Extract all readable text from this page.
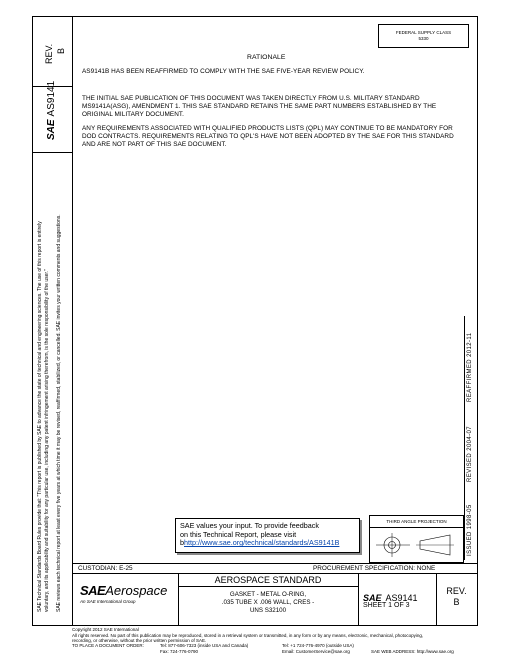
REV. B
SAEAS9141
SAE Technical Standards Board Rules provide that: "This report is published by SAE to advance the state of technical and engineering sciences. The use of this report is entirely voluntary, and its applicability and suitability for any particular use, including any patent infringement arising therefrom, is the sole responsibility of the user." SAE reviews each technical report at least every five years at which time it may be revised, reaffirmed, stabilized, or cancelled. SAE invites your written comments and suggestions.
FEDERAL SUPPLY CLASS
5330
RATIONALE
AS9141B HAS BEEN REAFFIRMED TO COMPLY WITH THE SAE FIVE-YEAR REVIEW POLICY.
THE INITIAL SAE PUBLICATION OF THIS DOCUMENT WAS TAKEN DIRECTLY FROM U.S. MILITARY STANDARD MS9141A(ASG), AMENDMENT 1. THIS SAE STANDARD RETAINS THE SAME PART NUMBERS ESTABLISHED BY THE ORIGINAL MILITARY DOCUMENT.
ANY REQUIREMENTS ASSOCIATED WITH QUALIFIED PRODUCTS LISTS (QPL) MAY CONTINUE TO BE MANDATORY FOR DOD CONTRACTS. REQUIREMENTS RELATING TO QPL'S HAVE NOT BEEN ADOPTED BY THE SAE FOR THIS STANDARD AND ARE NOT PART OF THIS SAE DOCUMENT.
ISSUED 1998-05
REVISED 2004-07
REAFFIRMED 2012-11
SAE values your input. To provide feedback
on this Technical Report, please visit
bhttp://www.sae.org/technical/standards/AS9141B
THIRD ANGLE PROJECTION
CUSTODIAN: E-25	PROCUREMENT SPECIFICATION: NONE
SAEAerospace
An SAE International Group
AEROSPACE STANDARD
GASKET - METAL O-RING,
.035 TUBE X .006 WALL, CRES -
UNS S32100
SAE AS9141
SHEET 1 OF 3
REV.
B
Copyright 2012 SAE International
All rights reserved. No part of this publication may be reproduced, stored in a retrieval system or transmitted, in any form or by any means, electronic, mechanical, photocopying,
recording, or otherwise, without the prior written permission of SAE.
TO PLACE A DOCUMENT ORDER:	Tel: 877-606-7323 (inside USA and Canada)
Fax: 724-776-0790
Tel: +1 724-776-4970 (outside USA)
Email: CustomerService@sae.org	SAE WEB ADDRESS: http://www.sae.org
